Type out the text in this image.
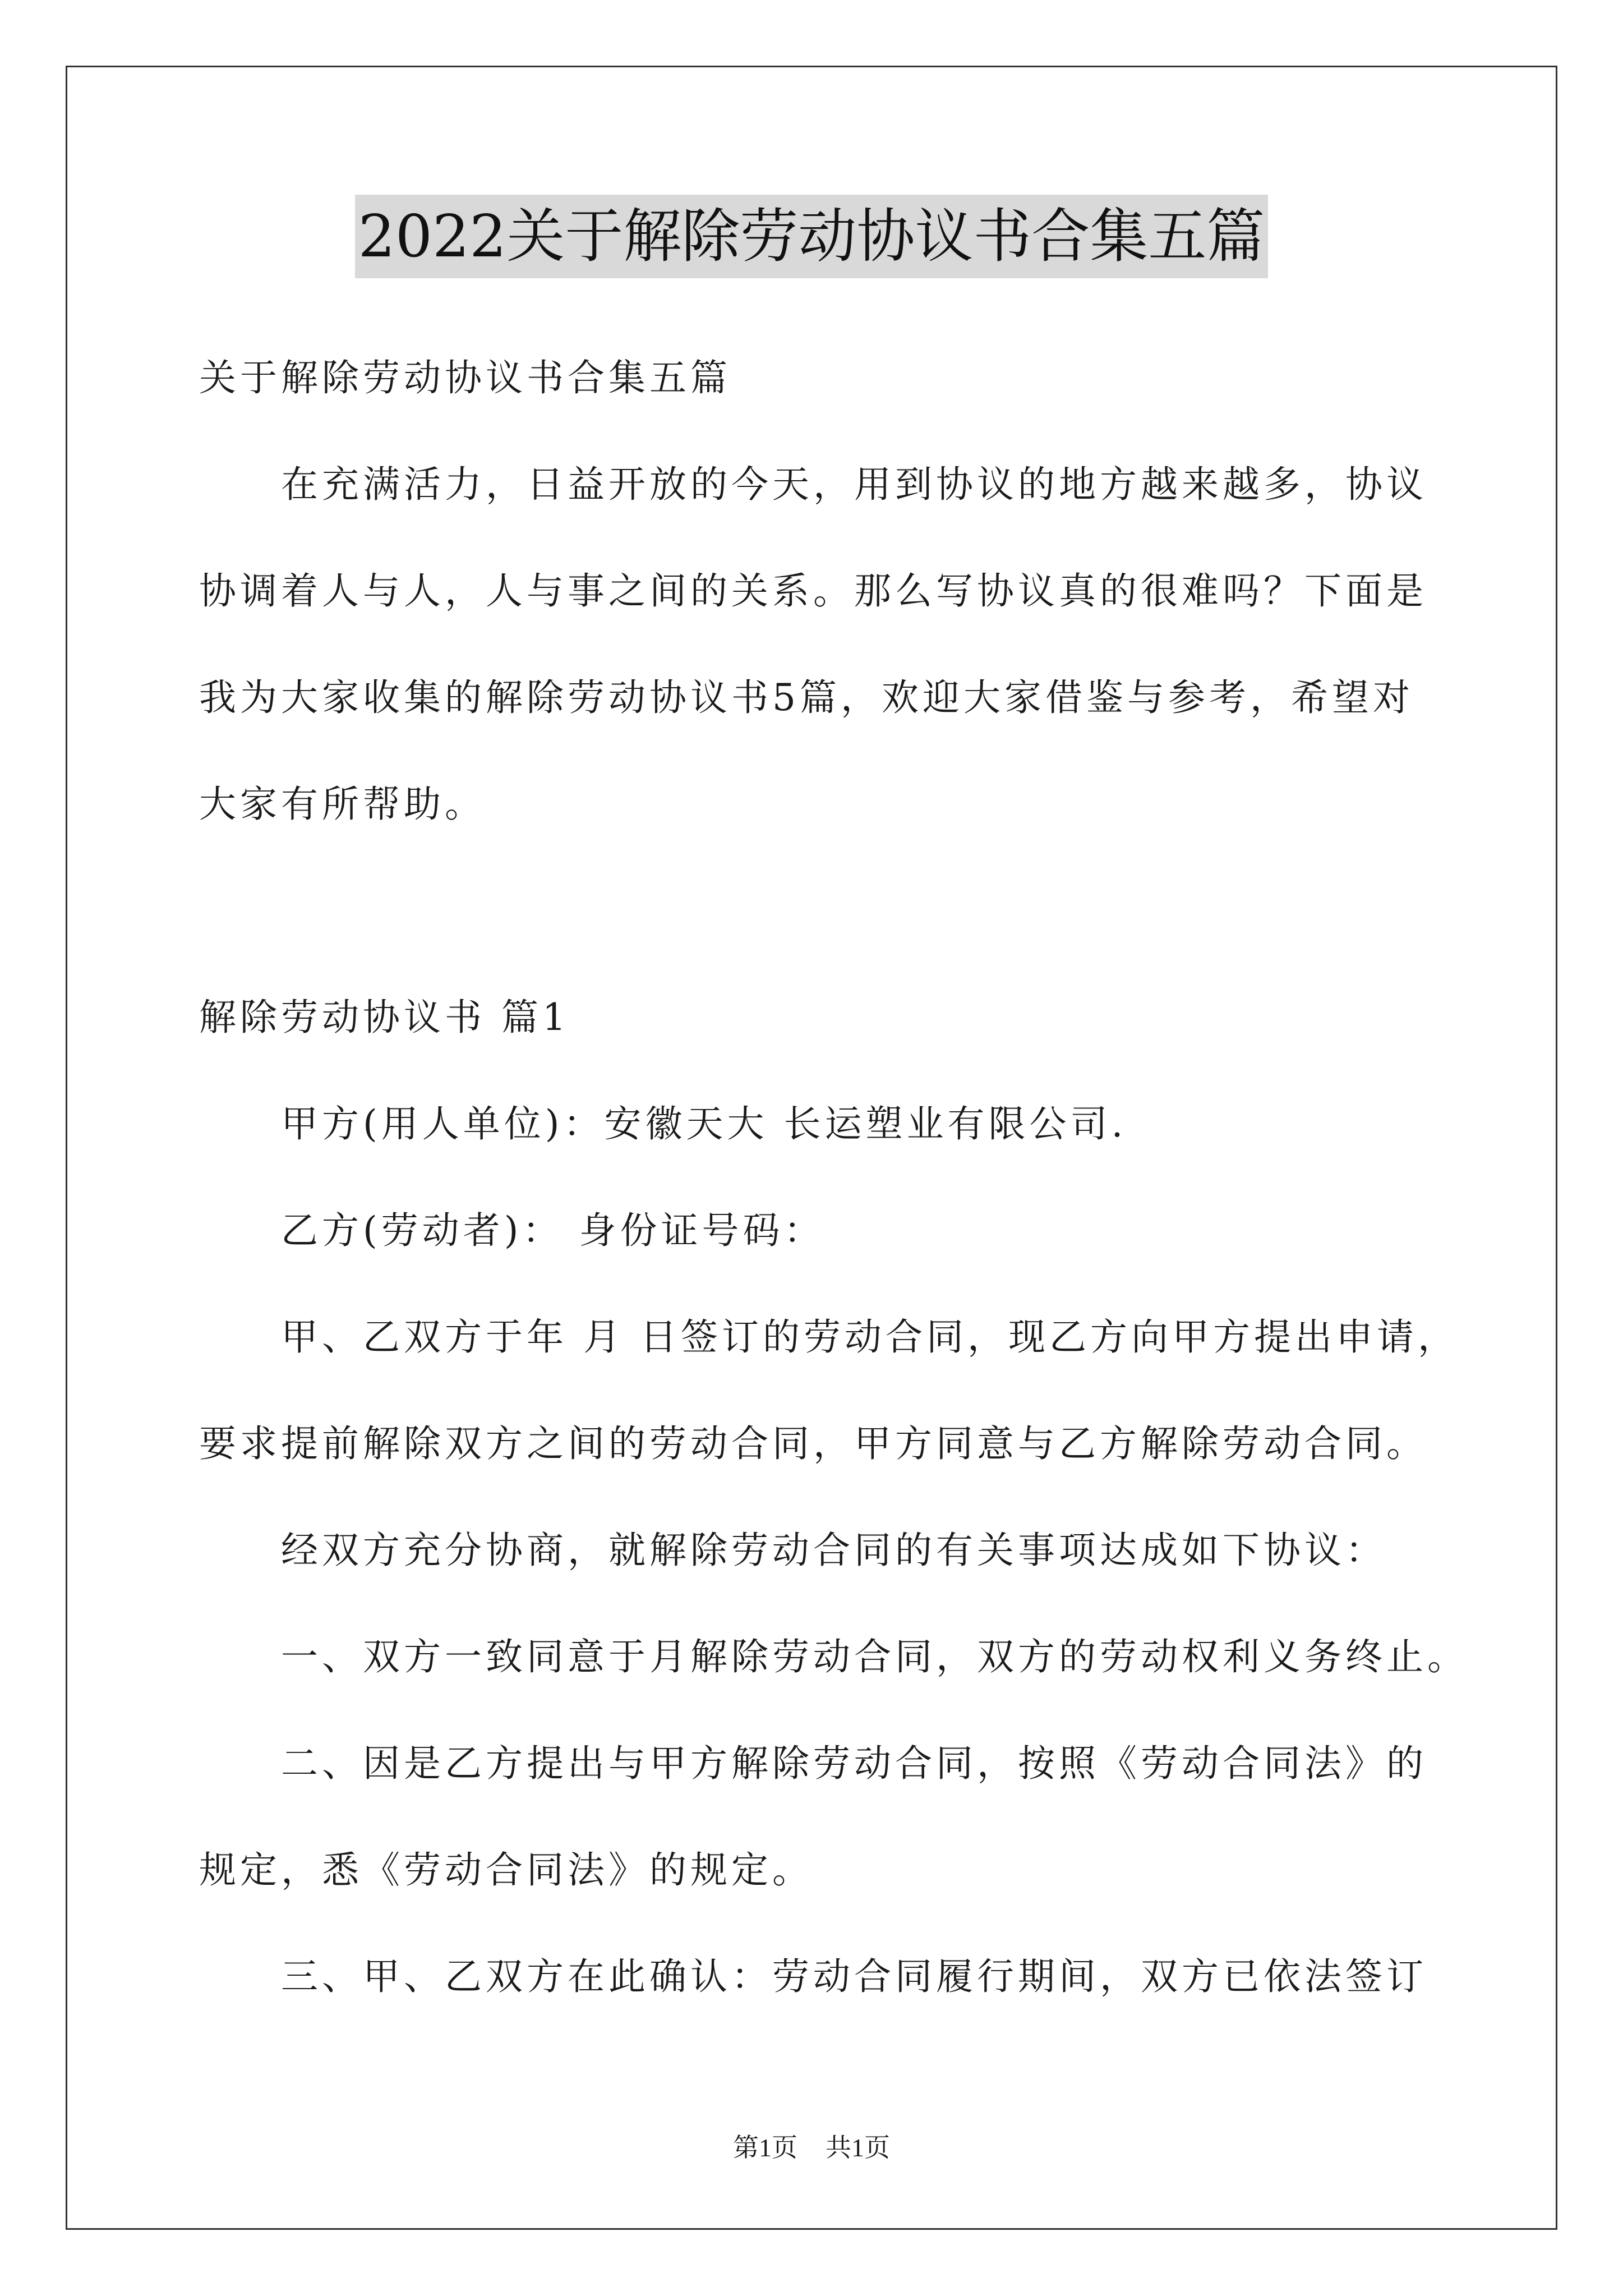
2022关于解除劳动协议书合集五篇
关于解除劳动协议书合集五篇
在充满活力，日益开放的今天，用到协议的地方越来越多，协议
协调着人与人，人与事之间的关系。那么写协议真的很难吗？下面是
我为大家收集的解除劳动协议书5篇，欢迎大家借鉴与参考，希望对
大家有所帮助。
解除劳动协议书 篇1
甲方(用人单位)：安徽天大 长运塑业有限公司.
乙方(劳动者)： 身份证号码：
甲、乙双方于年 月 日签订的劳动合同，现乙方向甲方提出申请，
要求提前解除双方之间的劳动合同，甲方同意与乙方解除劳动合同。
经双方充分协商，就解除劳动合同的有关事项达成如下协议：
一、双方一致同意于月解除劳动合同，双方的劳动权利义务终止。
二、因是乙方提出与甲方解除劳动合同，按照《劳动合同法》的
规定，悉《劳动合同法》的规定。
三、甲、乙双方在此确认：劳动合同履行期间，双方已依法签订
第1页 共1页
